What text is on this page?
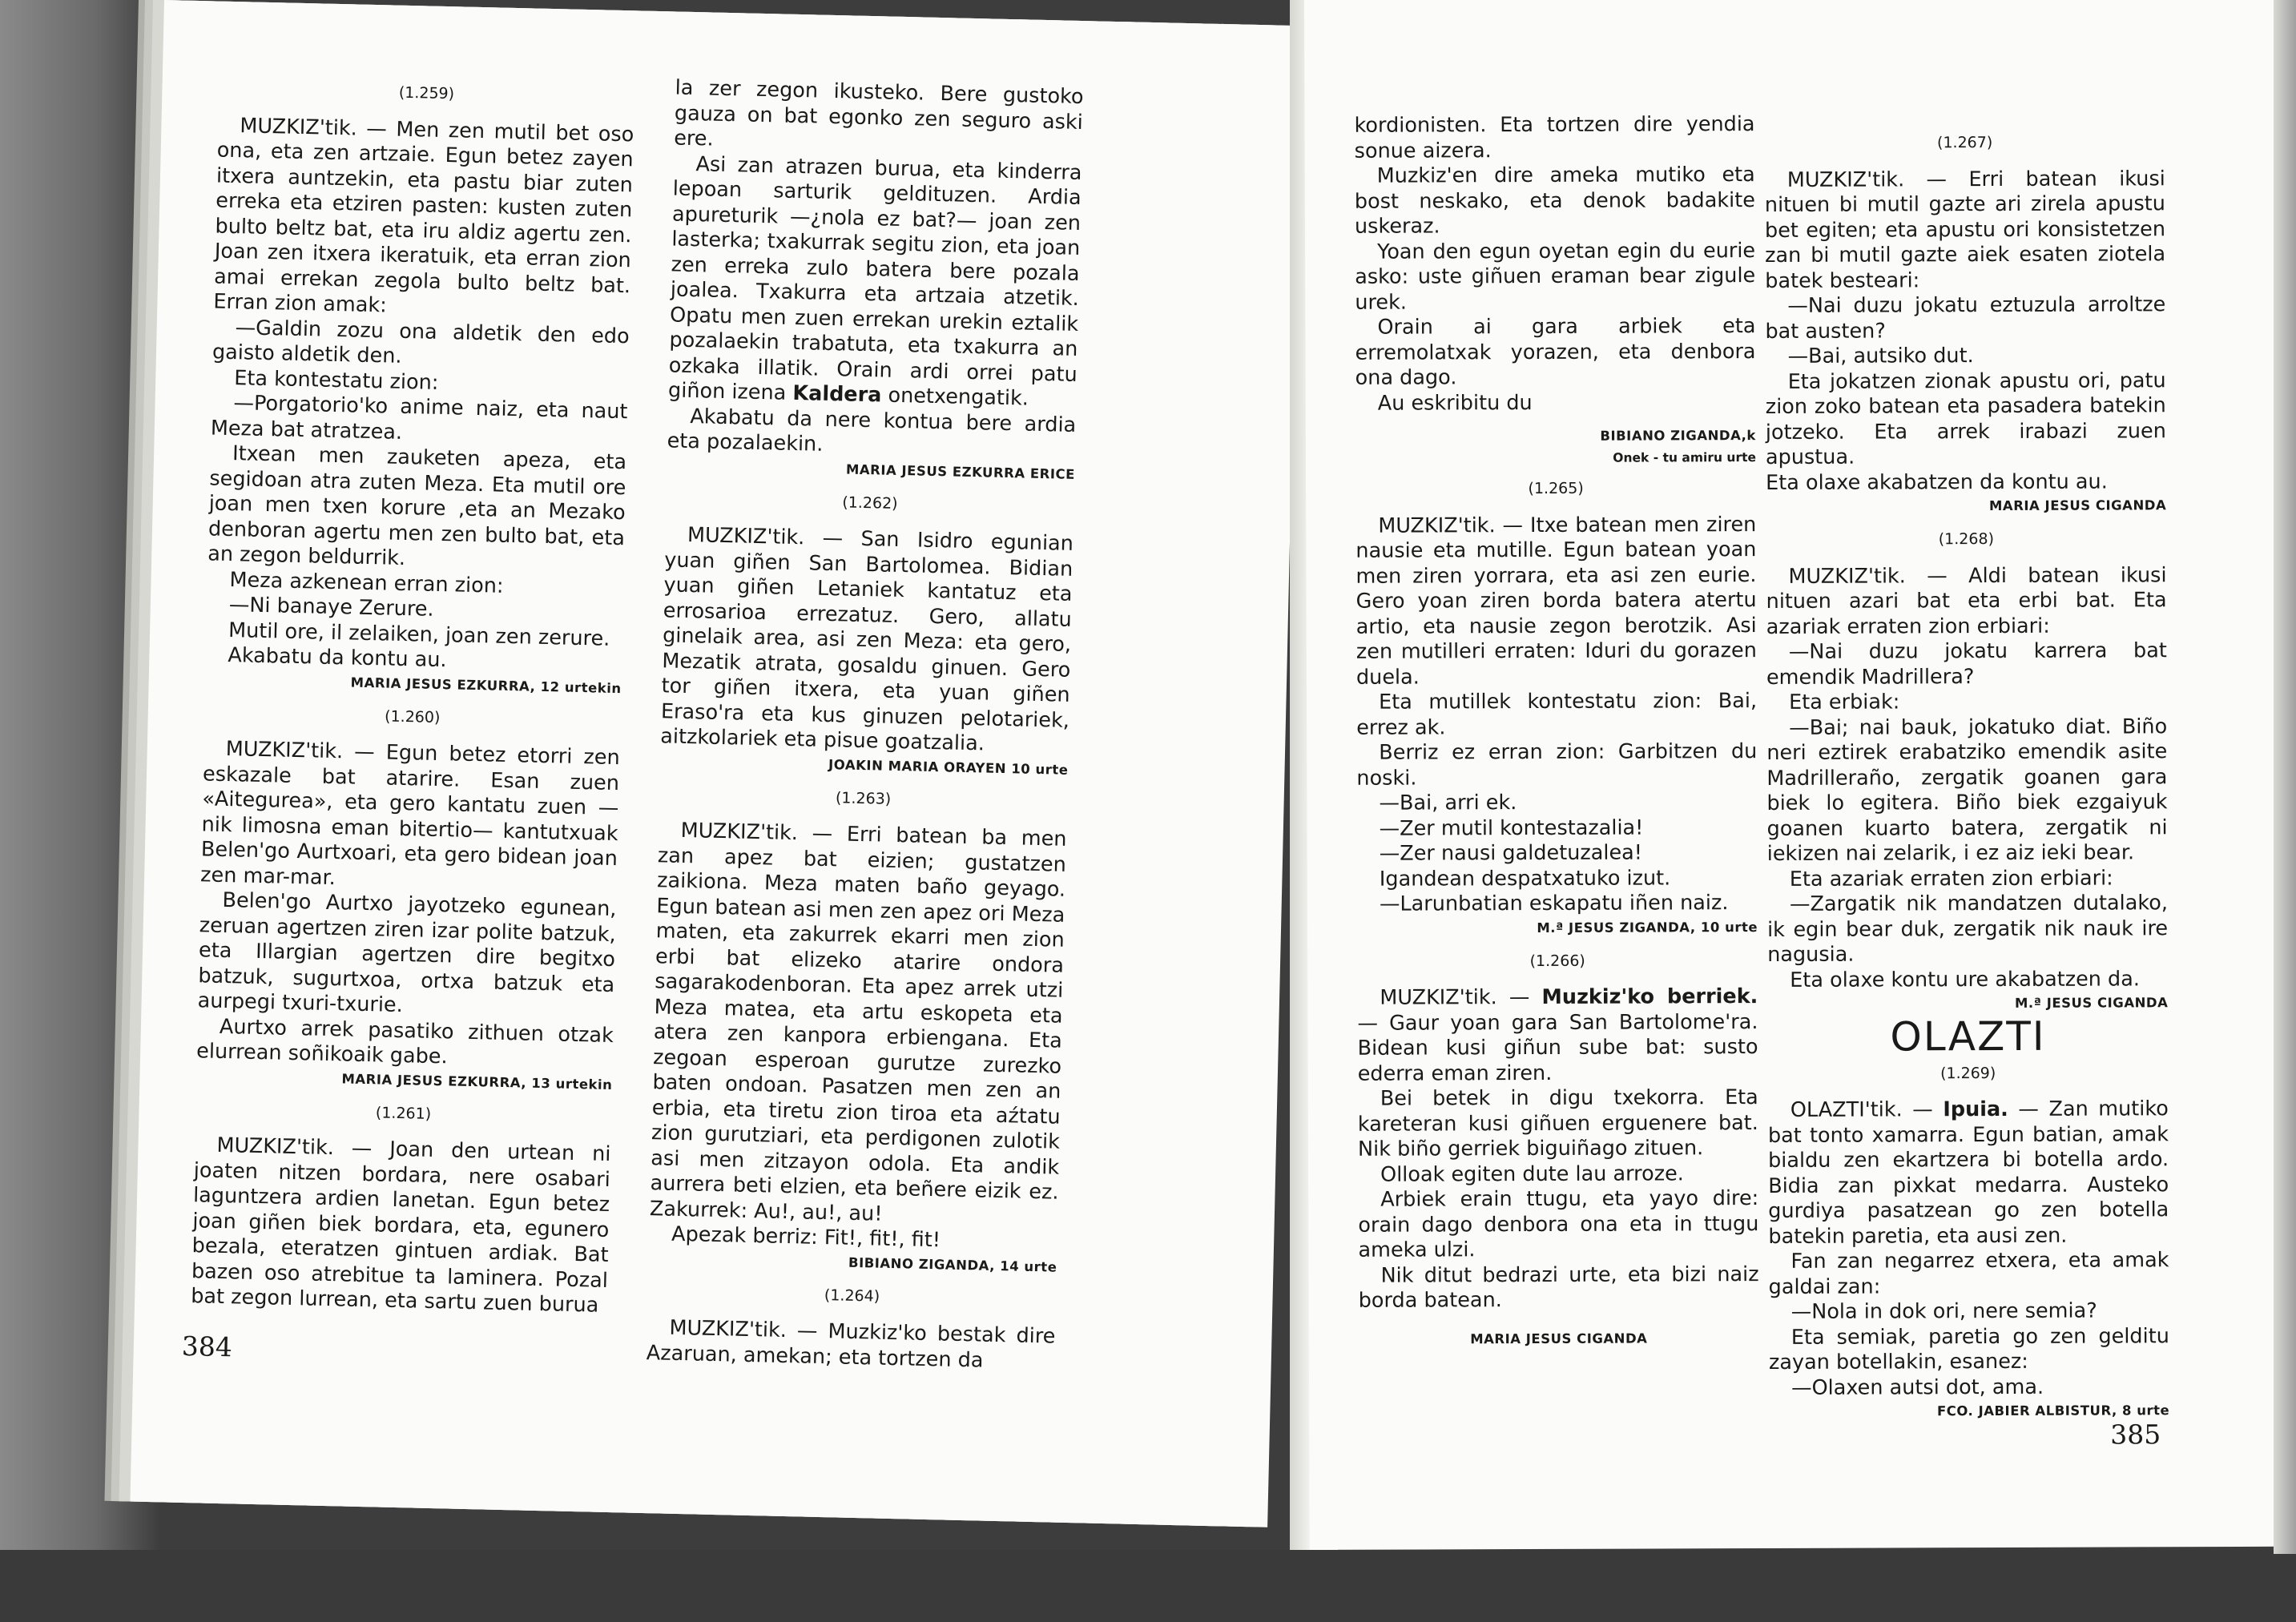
(1.259)

MUZKIZ'tik. — Men zen mutil bet oso ona, eta zen artzaie. Egun betez zayen itxera auntzekin, eta pastu biar zuten erreka eta etziren pasten: kusten zuten bulto beltz bat, eta iru aldiz agertu zen. Joan zen itxera ikeratuik, eta erran zion amai errekan zegola bulto beltz bat. Erran zion amak:

—Galdin zozu ona aldetik den edo gaisto aldetik den.

Eta kontestatu zion:

—Porgatorio'ko anime naiz, eta naut Meza bat atratzea.

Itxean men zauketen apeza, eta segidoan atra zuten Meza. Eta mutil ore joan men txen korure ,eta an Mezako denboran agertu men zen bulto bat, eta an zegon beldurrik.

Meza azkenean erran zion:

—Ni banaye Zerure.

Mutil ore, il zelaiken, joan zen zerure.

Akabatu da kontu au.

MARIA JESUS EZKURRA, 12 urtekin
(1.260)

MUZKIZ'tik. — Egun betez etorri zen eskazale bat atarire. Esan zuen «Aitegurea», eta gero kantatu zuen —nik limosna eman bitertio— kantutxuak Belen'go Aurtxoari, eta gero bidean joan zen mar-mar.

Belen'go Aurtxo jayotzeko egunean, zeruan agertzen ziren izar polite batzuk, eta Illargian agertzen dire begitxo batzuk, sugurtxoa, ortxa batzuk eta aurpegi txuri-txurie.

Aurtxo arrek pasatiko zithuen otzak elurrean soñikoaik gabe.

MARIA JESUS EZKURRA, 13 urtekin
(1.261)

MUZKIZ'tik. — Joan den urtean ni joaten nitzen bordara, nere osabari laguntzera ardien lanetan. Egun betez joan giñen biek bordara, eta, egunero bezala, eteratzen gintuen ardiak. Bat bazen oso atrebitue ta laminera. Pozal bat zegon lurrean, eta sartu zuen burua

la zer zegon ikusteko. Bere gustoko gauza on bat egonko zen seguro aski ere.

Asi zan atrazen burua, eta kinderra lepoan sarturik geldituzen. Ardia apureturik —¿nola ez bat?— joan zen lasterka; txakurrak segitu zion, eta joan zen erreka zulo batera bere pozala joalea. Txakurra eta artzaia atzetik. Opatu men zuen errekan urekin eztalik pozalaekin trabatuta, eta txakurra an ozkaka illatik. Orain ardi orrei patu giñon izena Kaldera onetxengatik.

Akabatu da nere kontua bere ardia eta pozalaekin.

MARIA JESUS EZKURRA ERICE
(1.262)

MUZKIZ'tik. — San Isidro egunian yuan giñen San Bartolomea. Bidian yuan giñen Letaniek kantatuz eta errosarioa errezatuz. Gero, allatu ginelaik area, asi zen Meza: eta gero, Mezatik atrata, gosaldu ginuen. Gero tor giñen itxera, eta yuan giñen Eraso'ra eta kus ginuzen pelotariek, aitzkolariek eta pisue goatzalia.

JOAKIN MARIA ORAYEN 10 urte
(1.263)

MUZKIZ'tik. — Erri batean ba men zan apez bat eizien; gustatzen zaikiona. Meza maten baño geyago. Egun batean asi men zen apez ori Meza maten, eta zakurrek ekarri men zion erbi bat elizeko atarire ondora sagarakodenboran. Eta apez arrek utzi Meza matea, eta artu eskopeta eta atera zen kanpora erbiengana. Eta zegoan esperoan gurutze zurezko baten ondoan. Pasatzen men zen an erbia, eta tiretu zion tiroa eta aźtatu zion gurutziari, eta perdigonen zulotik asi men zitzayon odola. Eta andik aurrera beti elzien, eta beñere eizik ez. Zakurrek: Au!, au!, au!

Apezak berriz: Fit!, fit!, fit!

BIBIANO ZIGANDA, 14 urte
(1.264)

MUZKIZ'tik. — Muzkiz'ko bestak dire Azaruan, amekan; eta tortzen da

384

kordionisten. Eta tortzen dire yendia sonue aizera.

Muzkiz'en dire ameka mutiko eta bost neskako, eta denok badakite uskeraz.

Yoan den egun oyetan egin du eurie asko: uste giñuen eraman bear zigule urek.

Orain ai gara arbiek eta erremolatxak yorazen, eta denbora ona dago.

Au eskribitu du

BIBIANO ZIGANDA,k
Onek - tu amiru urte
(1.265)

MUZKIZ'tik. — Itxe batean men ziren nausie eta mutille. Egun batean yoan men ziren yorrara, eta asi zen eurie. Gero yoan ziren borda batera atertu artio, eta nausie zegon berotzik. Asi zen mutilleri erraten: Iduri du gorazen duela.

Eta mutillek kontestatu zion: Bai, errez ak.

Berriz ez erran zion: Garbitzen du noski.

—Bai, arri ek.

—Zer mutil kontestazalia!

—Zer nausi galdetuzalea!

Igandean despatxatuko izut.

—Larunbatian eskapatu iñen naiz.

M.ª JESUS ZIGANDA, 10 urte
(1.266)

MUZKIZ'tik. — Muzkiz'ko berriek. — Gaur yoan gara San Bartolome'ra. Bidean kusi giñun sube bat: susto ederra eman ziren.

Bei betek in digu txekorra. Eta kareteran kusi giñuen erguenere bat. Nik biño gerriek biguiñago zituen.

Olloak egiten dute lau arroze.

Arbiek erain ttugu, eta yayo dire: orain dago denbora ona eta in ttugu ameka ulzi.

Nik ditut bedrazi urte, eta bizi naiz borda batean.

MARIA JESUS CIGANDA
(1.267)

MUZKIZ'tik. — Erri batean ikusi nituen bi mutil gazte ari zirela apustu bet egiten; eta apustu ori konsistetzen zan bi mutil gazte aiek esaten ziotela batek besteari:

—Nai duzu jokatu eztuzula arroltze bat austen?

—Bai, autsiko dut.

Eta jokatzen zionak apustu ori, patu zion zoko batean eta pasadera batekin jotzeko. Eta arrek irabazi zuen apustua.

Eta olaxe akabatzen da kontu au.

MARIA JESUS CIGANDA
(1.268)

MUZKIZ'tik. — Aldi batean ikusi nituen azari bat eta erbi bat. Eta azariak erraten zion erbiari:

—Nai duzu jokatu karrera bat emendik Madrillera?

Eta erbiak:

—Bai; nai bauk, jokatuko diat. Biño neri eztirek erabatziko emendik asite Madrilleraño, zergatik goanen gara biek lo egitera. Biño biek ezgaiyuk goanen kuarto batera, zergatik ni iekizen nai zelarik, i ez aiz ieki bear.

Eta azariak erraten zion erbiari:

—Zargatik nik mandatzen dutalako, ik egin bear duk, zergatik nik nauk ire nagusia.

Eta olaxe kontu ure akabatzen da.

M.ª JESUS CIGANDA
OLAZTI
(1.269)

OLAZTI'tik. — Ipuia. — Zan mutiko bat tonto xamarra. Egun batian, amak bialdu zen ekartzera bi botella ardo. Bidia zan pixkat medarra. Austeko gurdiya pasatzean go zen botella batekin paretia, eta ausi zen.

Fan zan negarrez etxera, eta amak galdai zan:

—Nola in dok ori, nere semia?

Eta semiak, paretia go zen gelditu zayan botellakin, esanez:

—Olaxen autsi dot, ama.

FCO. JABIER ALBISTUR, 8 urte
385
